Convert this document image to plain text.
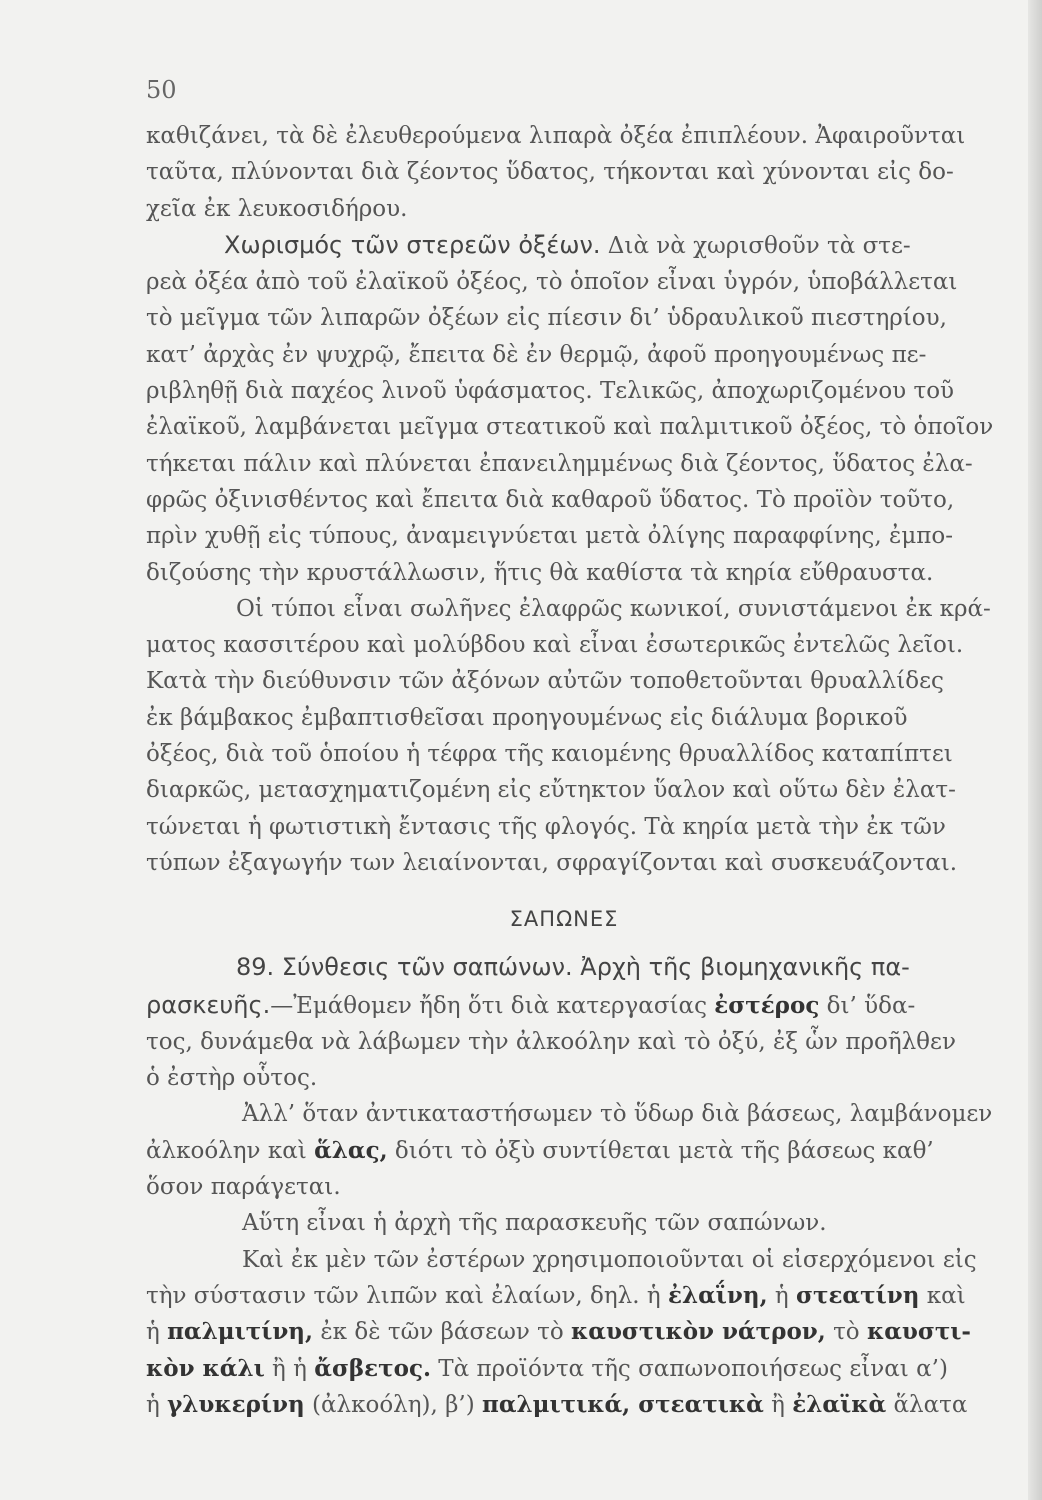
50
καθιζάνει, τὰ δὲ ἐλευθερούμενα λιπαρὰ ὀξέα ἐπιπλέουν. Ἀφαιροῦνται
ταῦτα, πλύνονται διὰ ζέοντος ὕδατος, τήκονται καὶ χύνονται εἰς δο-
χεῖα ἐκ λευκοσιδήρου.
Χωρισμός τῶν στερεῶν ὀξέων. Διὰ νὰ χωρισθοῦν τὰ στε-
ρεὰ ὀξέα ἀπὸ τοῦ ἐλαϊκοῦ ὀξέος, τὸ ὁποῖον εἶναι ὑγρόν, ὑποβάλλεται
τὸ μεῖγμα τῶν λιπαρῶν ὀξέων εἰς πίεσιν δι’ ὑδραυλικοῦ πιεστηρίου,
κατ’ ἀρχὰς ἐν ψυχρῷ, ἔπειτα δὲ ἐν θερμῷ, ἀφοῦ προηγουμένως πε-
ριβληθῇ διὰ παχέος λινοῦ ὑφάσματος. Τελικῶς, ἀποχωριζομένου τοῦ
ἐλαϊκοῦ, λαμβάνεται μεῖγμα στεατικοῦ καὶ παλμιτικοῦ ὀξέος, τὸ ὁποῖον
τήκεται πάλιν καὶ πλύνεται ἐπανειλημμένως διὰ ζέοντος, ὕδατος ἐλα-
φρῶς ὀξινισθέντος καὶ ἔπειτα διὰ καθαροῦ ὕδατος. Τὸ προϊὸν τοῦτο,
πρὶν χυθῇ εἰς τύπους, ἀναμειγνύεται μετὰ ὀλίγης παραφφίνης, ἐμπο-
διζούσης τὴν κρυστάλλωσιν, ἥτις θὰ καθίστα τὰ κηρία εὔθραυστα.
Οἱ τύποι εἶναι σωλῆνες ἐλαφρῶς κωνικοί, συνιστάμενοι ἐκ κρά-
ματος κασσιτέρου καὶ μολύβδου καὶ εἶναι ἐσωτερικῶς ἐντελῶς λεῖοι.
Κατὰ τὴν διεύθυνσιν τῶν ἀξόνων αὐτῶν τοποθετοῦνται θρυαλλίδες
ἐκ βάμβακος ἐμβαπτισθεῖσαι προηγουμένως εἰς διάλυμα βορικοῦ
ὀξέος, διὰ τοῦ ὁποίου ἡ τέφρα τῆς καιομένης θρυαλλίδος καταπίπτει
διαρκῶς, μετασχηματιζομένη εἰς εὔτηκτον ὕαλον καὶ οὕτω δὲν ἐλατ-
τώνεται ἡ φωτιστικὴ ἔντασις τῆς φλογός. Τὰ κηρία μετὰ τὴν ἐκ τῶν
τύπων ἐξαγωγήν των λειαίνονται, σφραγίζονται καὶ συσκευάζονται.
ΣΑΠΩΝΕΣ
89. Σύνθεσις τῶν σαπώνων. Ἀρχὴ τῆς βιομηχανικῆς πα-
ρασκευῆς.—Ἐμάθομεν ἤδη ὅτι διὰ κατεργασίας ἐστέρος δι’ ὕδα-
τος, δυνάμεθα νὰ λάβωμεν τὴν ἀλκοόλην καὶ τὸ ὀξύ, ἐξ ὧν προῆλθεν
ὁ ἐστὴρ οὗτος.
Ἀλλ’ ὅταν ἀντικαταστήσωμεν τὸ ὕδωρ διὰ βάσεως, λαμβάνομεν
ἀλκοόλην καὶ ἅλας, διότι τὸ ὀξὺ συντίθεται μετὰ τῆς βάσεως καθ’
ὅσον παράγεται.
Αὕτη εἶναι ἡ ἀρχὴ τῆς παρασκευῆς τῶν σαπώνων.
Καὶ ἐκ μὲν τῶν ἐστέρων χρησιμοποιοῦνται οἱ εἰσερχόμενοι εἰς
τὴν σύστασιν τῶν λιπῶν καὶ ἐλαίων, δηλ. ἡ ἐλαΐνη, ἡ στεατίνη καὶ
ἡ παλμιτίνη, ἐκ δὲ τῶν βάσεων τὸ καυστικὸν νάτρον, τὸ καυστι-
κὸν κάλι ἢ ἡ ἄσβετος. Τὰ προϊόντα τῆς σαπωνοποιήσεως εἶναι α’)
ἡ γλυκερίνη (ἀλκοόλη), β’) παλμιτικά, στεατικὰ ἢ ἐλαϊκὰ ἅλατα
